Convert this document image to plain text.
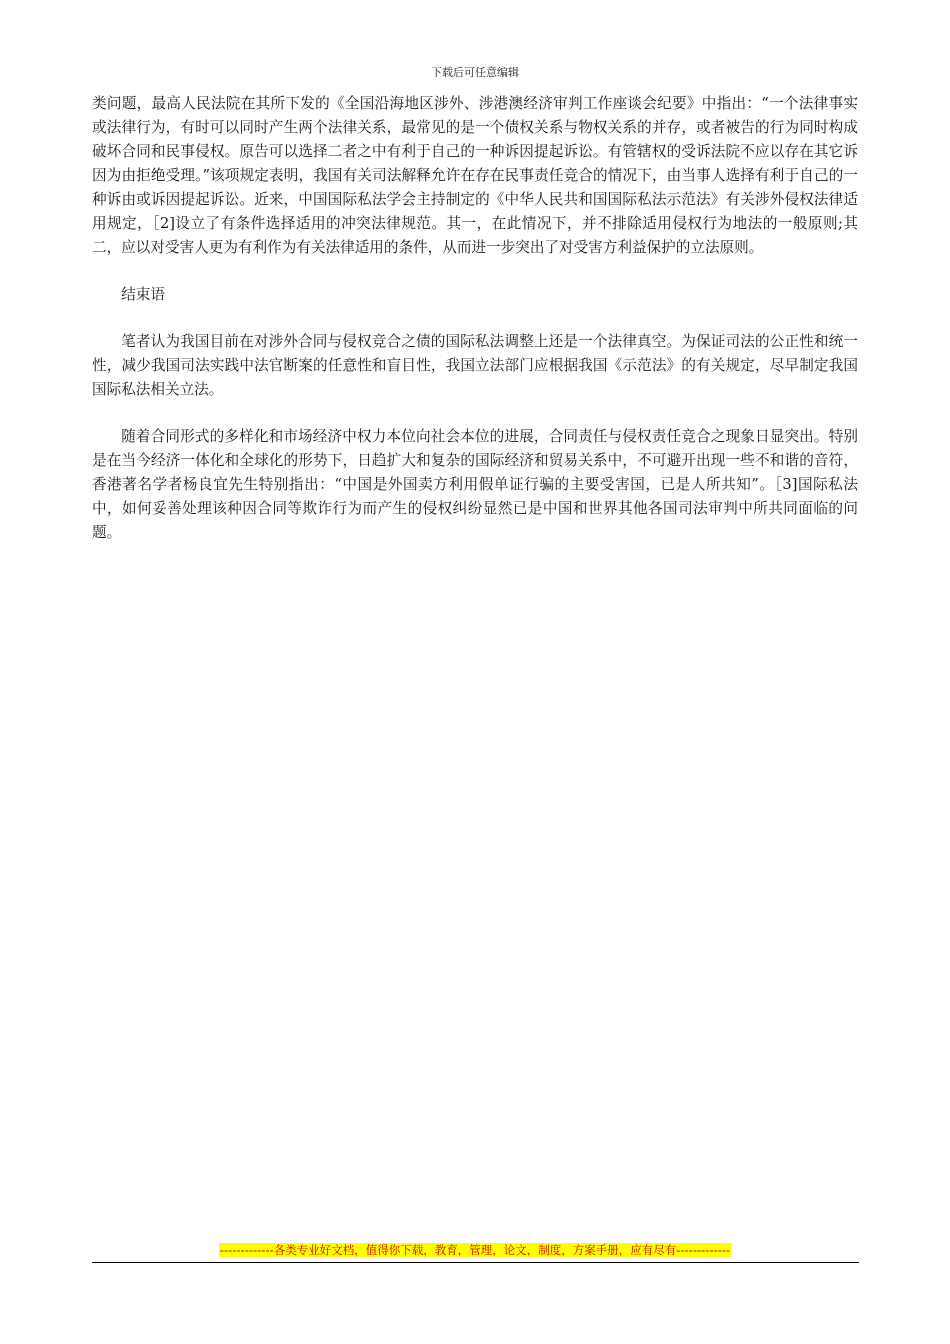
下载后可任意编辑

类问题，最高人民法院在其所下发的《全国沿海地区涉外、涉港澳经济审判工作座谈会纪要》中指出：“一个法律事实或法律行为，有时可以同时产生两个法律关系，最常见的是一个债权关系与物权关系的并存，或者被告的行为同时构成破坏合同和民事侵权。原告可以选择二者之中有利于自己的一种诉因提起诉讼。有管辖权的受诉法院不应以存在其它诉因为由拒绝受理。”该项规定表明，我国有关司法解释允许在存在民事责任竞合的情况下，由当事人选择有利于自己的一种诉由或诉因提起诉讼。近来，中国国际私法学会主持制定的《中华人民共和国国际私法示范法》有关涉外侵权法律适用规定，［2]设立了有条件选择适用的冲突法律规范。其一，在此情况下，并不排除适用侵权行为地法的一般原则;其二，应以对受害人更为有利作为有关法律适用的条件，从而进一步突出了对受害方利益保护的立法原则。

结束语

笔者认为我国目前在对涉外合同与侵权竞合之债的国际私法调整上还是一个法律真空。为保证司法的公正性和统一性，减少我国司法实践中法官断案的任意性和盲目性，我国立法部门应根据我国《示范法》的有关规定，尽早制定我国国际私法相关立法。

随着合同形式的多样化和市场经济中权力本位向社会本位的进展，合同责任与侵权责任竞合之现象日显突出。特别是在当今经济一体化和全球化的形势下，日趋扩大和复杂的国际经济和贸易关系中，不可避开出现一些不和谐的音符，香港著名学者杨良宜先生特别指出：“中国是外国卖方利用假单证行骗的主要受害国，已是人所共知”。［3]国际私法中，如何妥善处理该种因合同等欺诈行为而产生的侵权纠纷显然已是中国和世界其他各国司法审判中所共同面临的问题。

-------------各类专业好文档，值得你下载，教育，管理，论文，制度，方案手册，应有尽有-------------
